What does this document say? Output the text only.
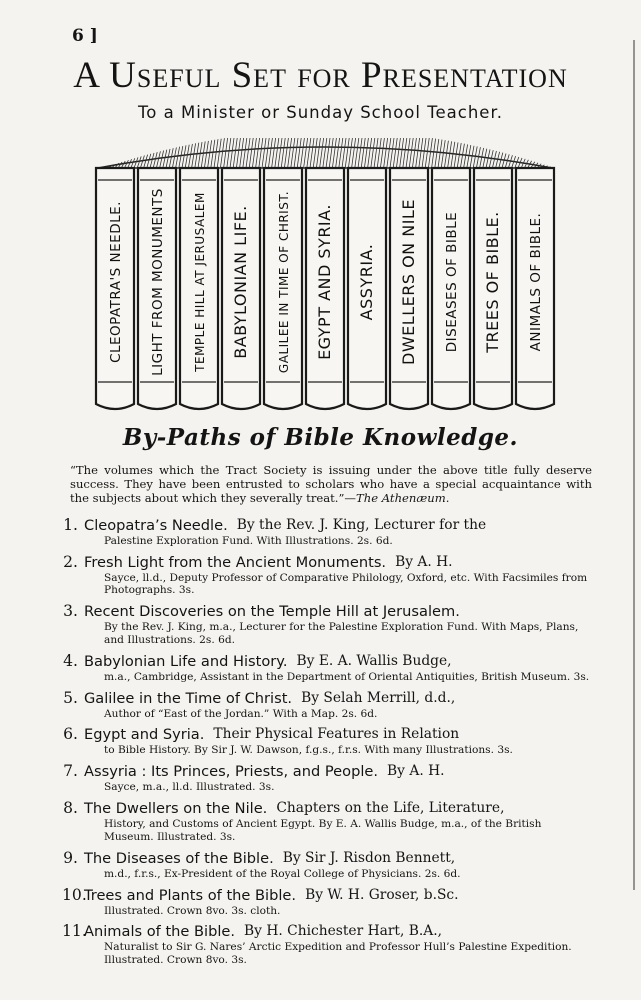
6 ]
A Useful Set for Presentation
To a Minister or Sunday School Teacher.
CLEOPATRA'S NEEDLE. LIGHT FROM MONUMENTS TEMPLE HILL AT JERUSALEM BABYLONIAN LIFE. GALILEE IN TIME OF CHRIST. EGYPT AND SYRIA. ASSYRIA. DWELLERS ON NILE DISEASES OF BIBLE TREES OF BIBLE. ANIMALS OF BIBLE.
By-Paths of Bible Knowledge.
“The volumes which the Tract Society is issuing under the above title fully deserve success. They have been entrusted to scholars who have a special acquaintance with the subjects about which they severally treat.”—The Athenæum.
1. Cleopatra’s Needle. By the Rev. J. King, Lecturer for the
Palestine Exploration Fund. With Illustrations. 2s. 6d.
2. Fresh Light from the Ancient Monuments. By A. H.
Sayce, ll.d., Deputy Professor of Comparative Philology, Oxford, etc. With Facsimiles from Photographs. 3s.
3. Recent Discoveries on the Temple Hill at Jerusalem.
By the Rev. J. King, m.a., Lecturer for the Palestine Exploration Fund. With Maps, Plans, and Illustrations. 2s. 6d.
4. Babylonian Life and History. By E. A. Wallis Budge,
m.a., Cambridge, Assistant in the Department of Oriental Antiquities, British Museum. 3s.
5. Galilee in the Time of Christ. By Selah Merrill, d.d.,
Author of “East of the Jordan.” With a Map. 2s. 6d.
6. Egypt and Syria. Their Physical Features in Relation
to Bible History. By Sir J. W. Dawson, f.g.s., f.r.s. With many Illustrations. 3s.
7. Assyria : Its Princes, Priests, and People. By A. H.
Sayce, m.a., ll.d. Illustrated. 3s.
8. The Dwellers on the Nile. Chapters on the Life, Literature,
History, and Customs of Ancient Egypt. By E. A. Wallis Budge, m.a., of the British Museum. Illustrated. 3s.
9. The Diseases of the Bible. By Sir J. Risdon Bennett,
m.d., f.r.s., Ex-President of the Royal College of Physicians. 2s. 6d.
10.
Trees and Plants of the Bible. By W. H. Groser, b.Sc.
Illustrated. Crown 8vo. 3s. cloth.
11.
Animals of the Bible. By H. Chichester Hart, B.A.,
Naturalist to Sir G. Nares’ Arctic Expedition and Professor Hull’s Palestine Expedition. Illustrated. Crown 8vo. 3s.
